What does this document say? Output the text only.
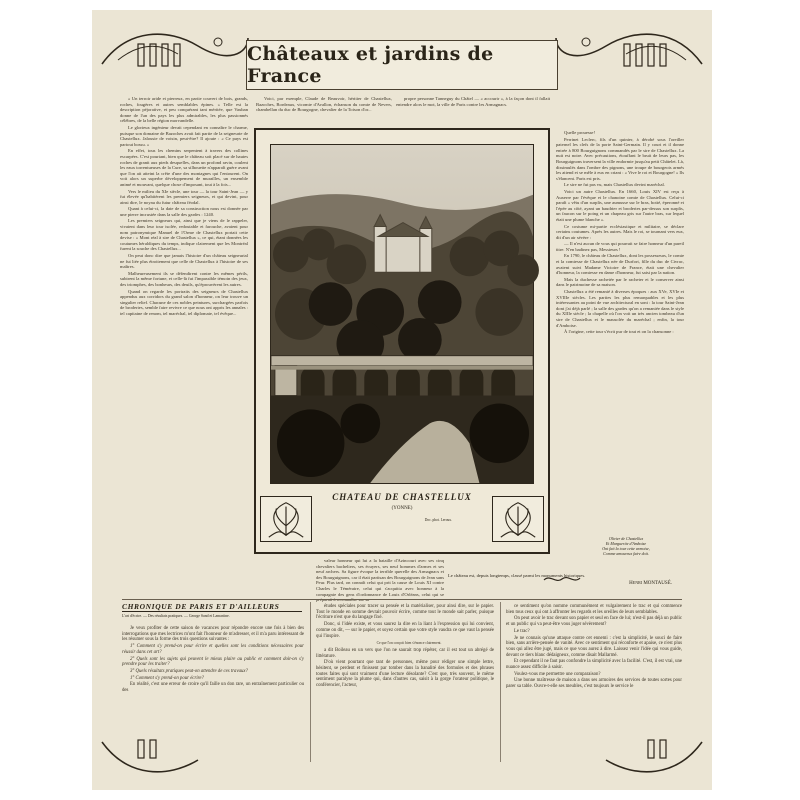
Châteaux et jardins de France

« Un terroir aride et pierreux, en partie couvert de bois, grands, roches, fougères et autres semblables épines. » Telle est la description péjorative, et peu conquérant tant méritée, que Vauban donne de l'un des pays les plus admirables, les plus passionnés célèbres, de la belle région morvandelle.

Le glorieux ingénieur devait cependant en connaître le charme, puisque son domaine de Bazoches avait fait partie de la seigneurie de Chastellux. Jalousie de voisin, peut-être? Il ajoute : « Ce pays est partout bossu. »

En effet, tous les chemins serpentent à travers des collines escarpées. C'est pourtant, bien que le château soit placé sur de hautes roches de granit aux pieds desquelles, dans un profond ravin, coulent les eaux torrentueuses de la Cure, sa silhouette n'apparaît guère avant que l'on ait atteint la crête d'une des montagnes qui l'entourent. On voit alors un superbe développement de murailles, un ensemble animé et mouvant, quelque chose d'imposant, tout à la fois...

Vers le milieu du XIe siècle, une tour — la tour Saint-Jean — y fut élevée qu'habitèrent les premiers seigneurs, et qui devint, pour ainsi dire, le noyau du futur château féodal.

Quant à celui-ci, la date de sa construction nous est donnée par une pierre incrustée dans la salle des gardes : 1240.

Les premiers seigneurs qui, ainsi que je viens de le rappeler, vivaient dans leur tour isolée, redoutable et farouche, avaient pour nom patronymique Manuel de l'Orme de Chastellux portait cette devise : « Mont réal à sire de Chastellux », ce qui, étant données les coutumes héraldiques du temps, indique clairement que les Montréal furent la souche des Chastellux...

On peut donc dire que jamais l'histoire d'un château seigneurial ne fut liée plus étroitement que celle de Chastellux à l'histoire de ses maîtres.

Malheureusement ils se défendirent contre les mêmes périls, subirent la même fortune, et celle-là fut l'impassible témoin des jeux, des triomphes, des bonheurs, des deuils, qu'éprouvèrent les autres.

Quand on regarde les portraits des seigneurs de Chastellux appendus aux corridors du grand salon d'honneur, on leur trouve un singulier relief. Chacune de ces nobles peintures, surchargées parfois de broderies, semble faire revivre ce que nous ont appris les annales : tel capitaine de renom, tel maréchal, tel diplomate, tel évêque...

Voici, par exemple, Claude de Beauvoir, héritier de Chastellux, Bazoches, Bordeaux, vicomte d'Avallon, échanson du comte de Nevers, chambellan du duc de Bourgogne, chevalier de la Toison d'or...

propre personne Tanneguy du Châtel — « accourir », à la façon dont il fallait entendre alors le mot, la ville de Paris contre les Armagnacs.

Quelle prouesse!

Perrinet Leclerc, fils d'un quinier, à dérobé sous l'oreiller paternel les clefs de la porte Saint-Germain. Il y court et il donne entrée à 800 Bourguignons commandés par le sire de Chastellux. La nuit est noire. Avec précautions, étouffant le bruit de leurs pas, les Bourguignons traversent la ville endormie jusqu'au petit Châtelet. Là, dissimulés dans l'ombre des pignons, une troupe de bourgeois armés les attend et se mêle à eux en criant : « Vive le roi et Bourgogne! » Ils s'élancent. Paris est pris.

Le sire ne fut pas vu, mais Chastellux devint maréchal.

Voici un autre Chastellux. En 1660, Louis XIV est reçu à Auxerre par l'évêque et le chanoine comte de Chastellux. Celui-ci paraît « vêtu d'un surplis, une aumusse sur le bras, botté, éperonné et l'épée au côté, ayant un baudrier et broderies par-dessus son surplis, un faucon sur le poing et un chapeau gris sur l'autre bras, sur lequel était une plume blanche ».

Ce costume mi-partie ecclésiastique et militaire, se déclare certains coutumes. Après les autres. Mais le roi, se tournant vers eux, dit d'un air sévère :

— Il n'est aucun de vous qui pourrait se faire honneur d'un pareil titre. N'en badinez pas, Messieurs !

En 1790, le château de Chastellux, dont les possesseurs, le comte et la comtesse de Chastellux née de Durfort, fille du duc de Civrac, avaient suivi Madame Victoire de France, était une chevalier d'honneur, la comtesse en dame d'honneur, fut saisi par la nation.

Mais la duchesse rachetée par le racheter et le conserver ainsi dans le patrimoine de sa maison.

Chastellux a été remanié à diverses époques : aux XVe, XVIe et XVIIIe siècles. Les parties les plus remarquables et les plus intéressantes au point de vue architectural en sont : la tour Saint-Jean dont j'ai déjà parlé ; la salle des gardes qu'on a remaniée dans le style du XIIIe siècle ; la chapelle où l'on voit un très ancien tombeau d'un sire de Chastellux et le mausolée du maréchal ; enfin, la tour d'Amboise.

À l'origine, cette tour s'écrit pur de tout et on la chansonne :

CHATEAU DE CHASTELLUX
(YONNE)
Doc. phot. Leroux.
Olivier de Chastellux
Et Marguerite d'Amboise
Ont fait la tour cette armoise,
Comme amoureux faire doit.

valeur honneur qui lui a la bataille d'Azincourt avec ses cinq chevaliers bacheliers, ses écuyers, ses neuf hommes d'armes et ses neuf archers. Sa figure évoque la terrible querelle des Armagnacs et des Bourguignons, car il était partisan des Bourguignons de Jean sans Peur. Plus tard, on connaît celui qui prit la cause de Louis XI contre Charles le Téméraire, celui qui s'acquitta avec honneur à la compagnie des gens d'ordonnance de Louis d'Orléans, celui qui se préparait à reconnaître sur sa

Le château est, depuis longtemps, classé parmi les monuments historiques.
Henri MONTAUSÉ.
CHRONIQUE DE PARIS ET D'AILLEURS
L'art d'écrire. — Des résultats pratiques. — George Sand et Lamartine.

Je veux profiter de cette saison de vacances pour répondre encore une fois à bien des interrogations que mes lectrices m'ont fait l'honneur de m'adresser, et il m'a paru intéressant de les résumer sous la forme des trois questions suivantes :

1° Comment s'y prend-on pour écrire et quelles sont les conditions nécessaires pour réussir dans cet art?

2° Quels sont les sujets qui peuvent le mieux plaire au public et comment doit-on s'y prendre pour les traiter?

3° Quels résultats pratiques peut-on attendre de ces travaux?

1° Comment s'y prend-on pour écrire?

En réalité, c'est une erreur de croire qu'il faille un don rare, un entraînement particulier ou des

études spéciales pour tracer sa pensée et la matérialiser, pour ainsi dire, sur le papier. Tout le monde en somme devrait pouvoir écrire, comme tout le monde sait parler, puisque l'écriture n'est que du langage fixé.

Donc, si l'idée existe, et vous saurez la dire en la liant à l'expression qui lui convient, comme on dit, — sur le papier, et soyez certain que votre style vaudra ce que vaut la pensée qui l'inspire.

Ce que l'on conçoit bien s'énonce clairement.

a dit Boileau en un vers que l'on ne saurait trop répéter, car il est tout un abrégé de littérature.

D'où vient pourtant que tant de personnes, même pour rédiger une simple lettre, hésitent, se perdent et finissent par tomber dans la banalité des formules et des phrases toutes faites qui sont vraiment d'une lecture désolante? C'est que, très souvent, le même sentiment paralyse la plume qui, dans d'autres cas, saisit à la gorge l'orateur politique, le conférencier, l'acteur,

ce sentiment qu'on nomme communément et vulgairement le trac et qui commence bien tous ceux qui ont à affronter les regards et les oreilles de leurs semblables.

On peut avoir le trac devant son papier et seul en face de lui; n'est-il pas déjà un public et un public qui va peut-être vous juger sévèrement?

Le trac?

Je ne connais qu'une attaque contre cet ennemi : c'est la simplicité, le souci de faire bien, sans arrière-pensée de vanité. Avec ce sentiment qui réconforte et apaise, ce n'est plus vous qui allez être jugé, mais ce que vous aurez à dire. Laissez venir l'idée qui vous guide, devant ce tiers blanc dédaigneux, comme disait Mallarmé.

Et cependant il ne faut pas confondre la simplicité avec la facilité. C'est, il est vrai, une nuance assez difficile à saisir.

Voulez-vous me permettre une comparaison?

Une bonne maîtresse de maison a dans ses armoires des services de toutes sortes pour parer sa table. Ouvre-t-elle ses meubles, c'est toujours le service le
